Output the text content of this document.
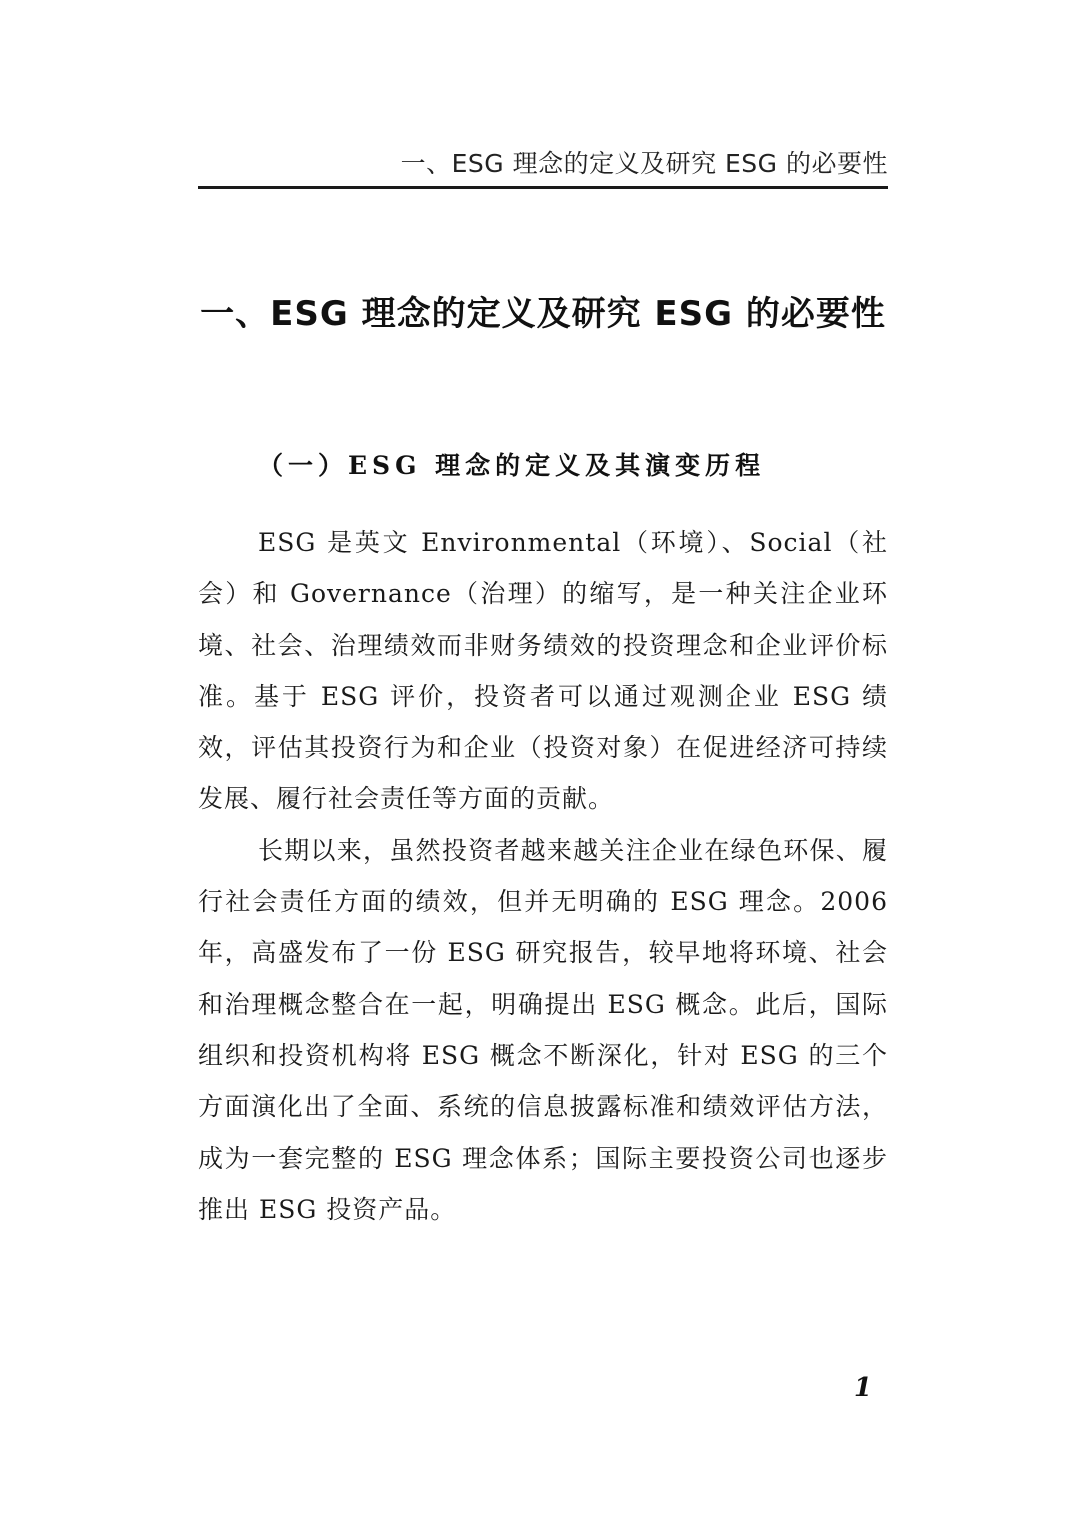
一、ESG 理念的定义及研究 ESG 的必要性
一、ESG 理念的定义及研究 ESG 的必要性
（一）ESG 理念的定义及其演变历程

ESG 是英文 Environmental（环境）、Social（社会）和 Governance（治理）的缩写，是一种关注企业环境、社会、治理绩效而非财务绩效的投资理念和企业评价标准。基于 ESG 评价，投资者可以通过观测企业 ESG 绩效，评估其投资行为和企业（投资对象）在促进经济可持续发展、履行社会责任等方面的贡献。

长期以来，虽然投资者越来越关注企业在绿色环保、履行社会责任方面的绩效，但并无明确的 ESG 理念。2006 年，高盛发布了一份 ESG 研究报告，较早地将环境、社会和治理概念整合在一起，明确提出 ESG 概念。此后，国际组织和投资机构将 ESG 概念不断深化，针对 ESG 的三个方面演化出了全面、系统的信息披露标准和绩效评估方法，成为一套完整的 ESG 理念体系；国际主要投资公司也逐步推出 ESG 投资产品。

1
